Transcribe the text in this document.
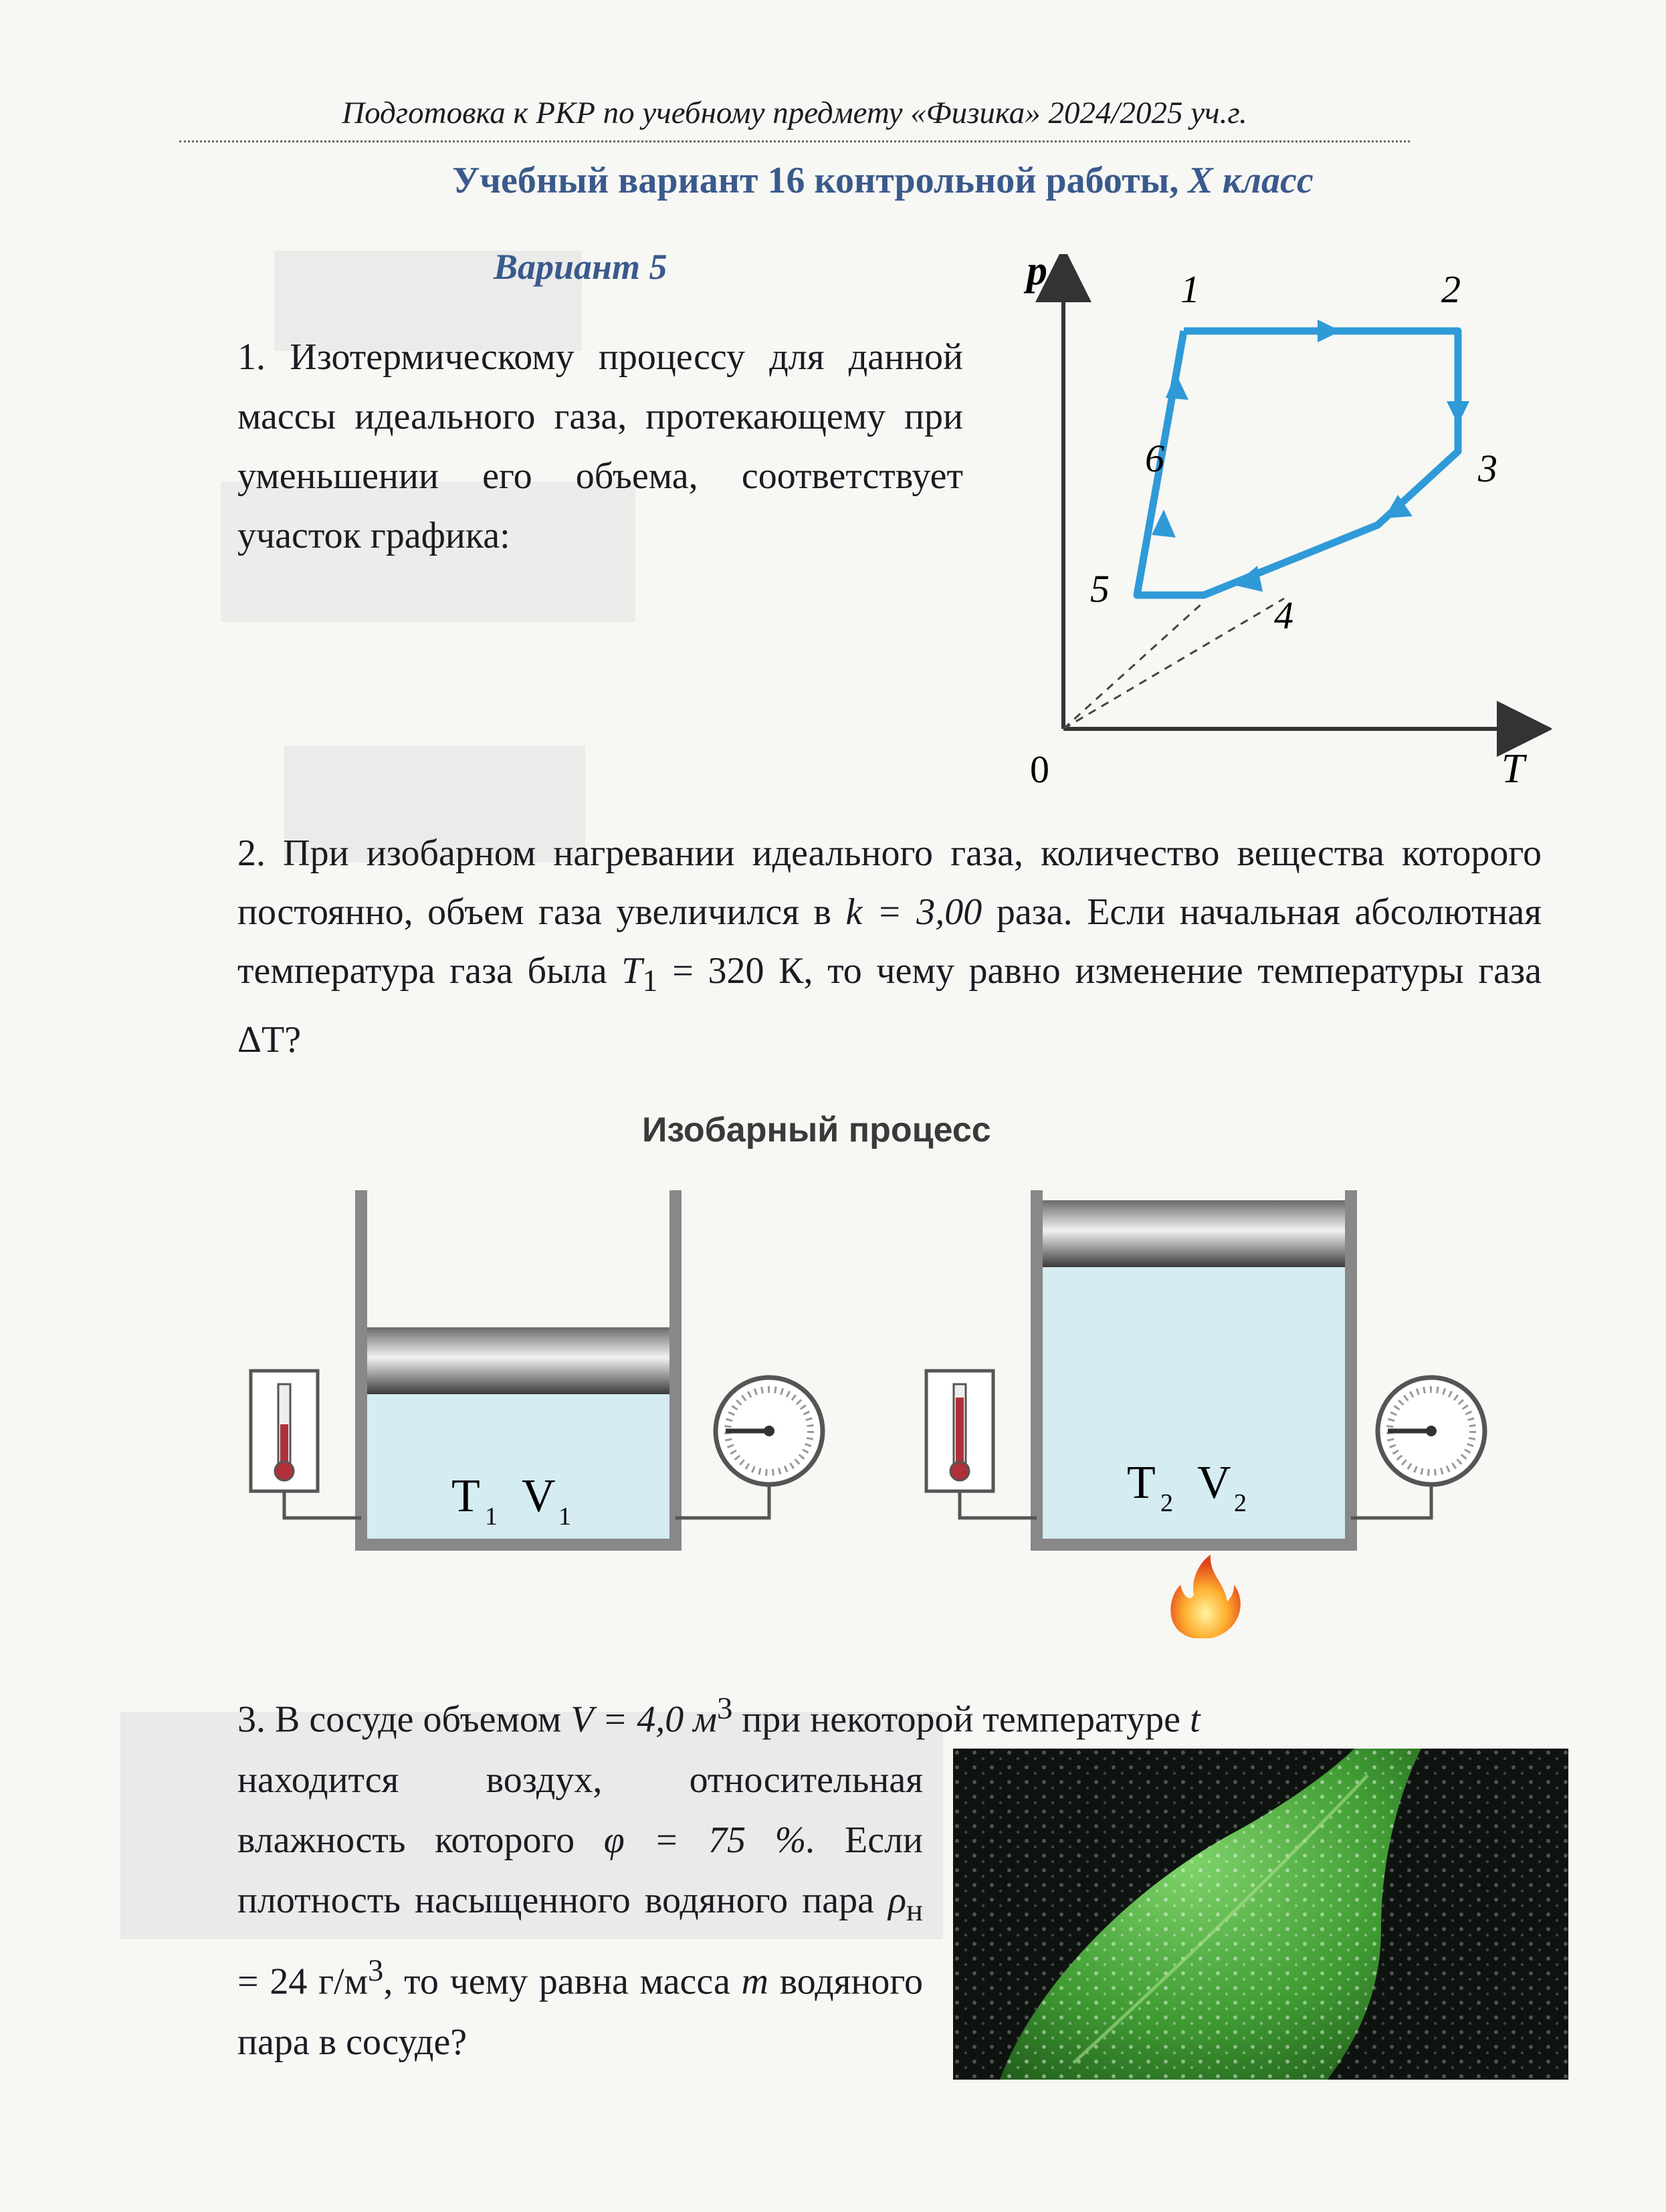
Подготовка к РКР по учебному предмету «Физика» 2024/2025 уч.г.
Учебный вариант 16 контрольной работы, X класс
Вариант 5
1. Изотермическому процессу для данной массы идеального газа, протекающему при уменьшении его объема, соответствует участок графика:
p
T
0
1	2
3
4
5
6
2. При изобарном нагревании идеального газа, количество вещества которого постоянно, объем газа увеличился в k = 3,00 раза. Если начальная абсолютная температура газа была $T_1 = 320$ К, то чему равно изменение температуры газа ΔT?
Изобарный процесс
T 1 V 1
T 2 V 2
3. В сосуде объемом V = 4,0 $м^3$ при некоторой температуре t
находится воздух, относительная влажность которого φ = 75 %. Если плотность насыщенного водяного пара $\rho_н = 24$ $г/м^3$, то чему равна масса m водяного пара в сосуде?
